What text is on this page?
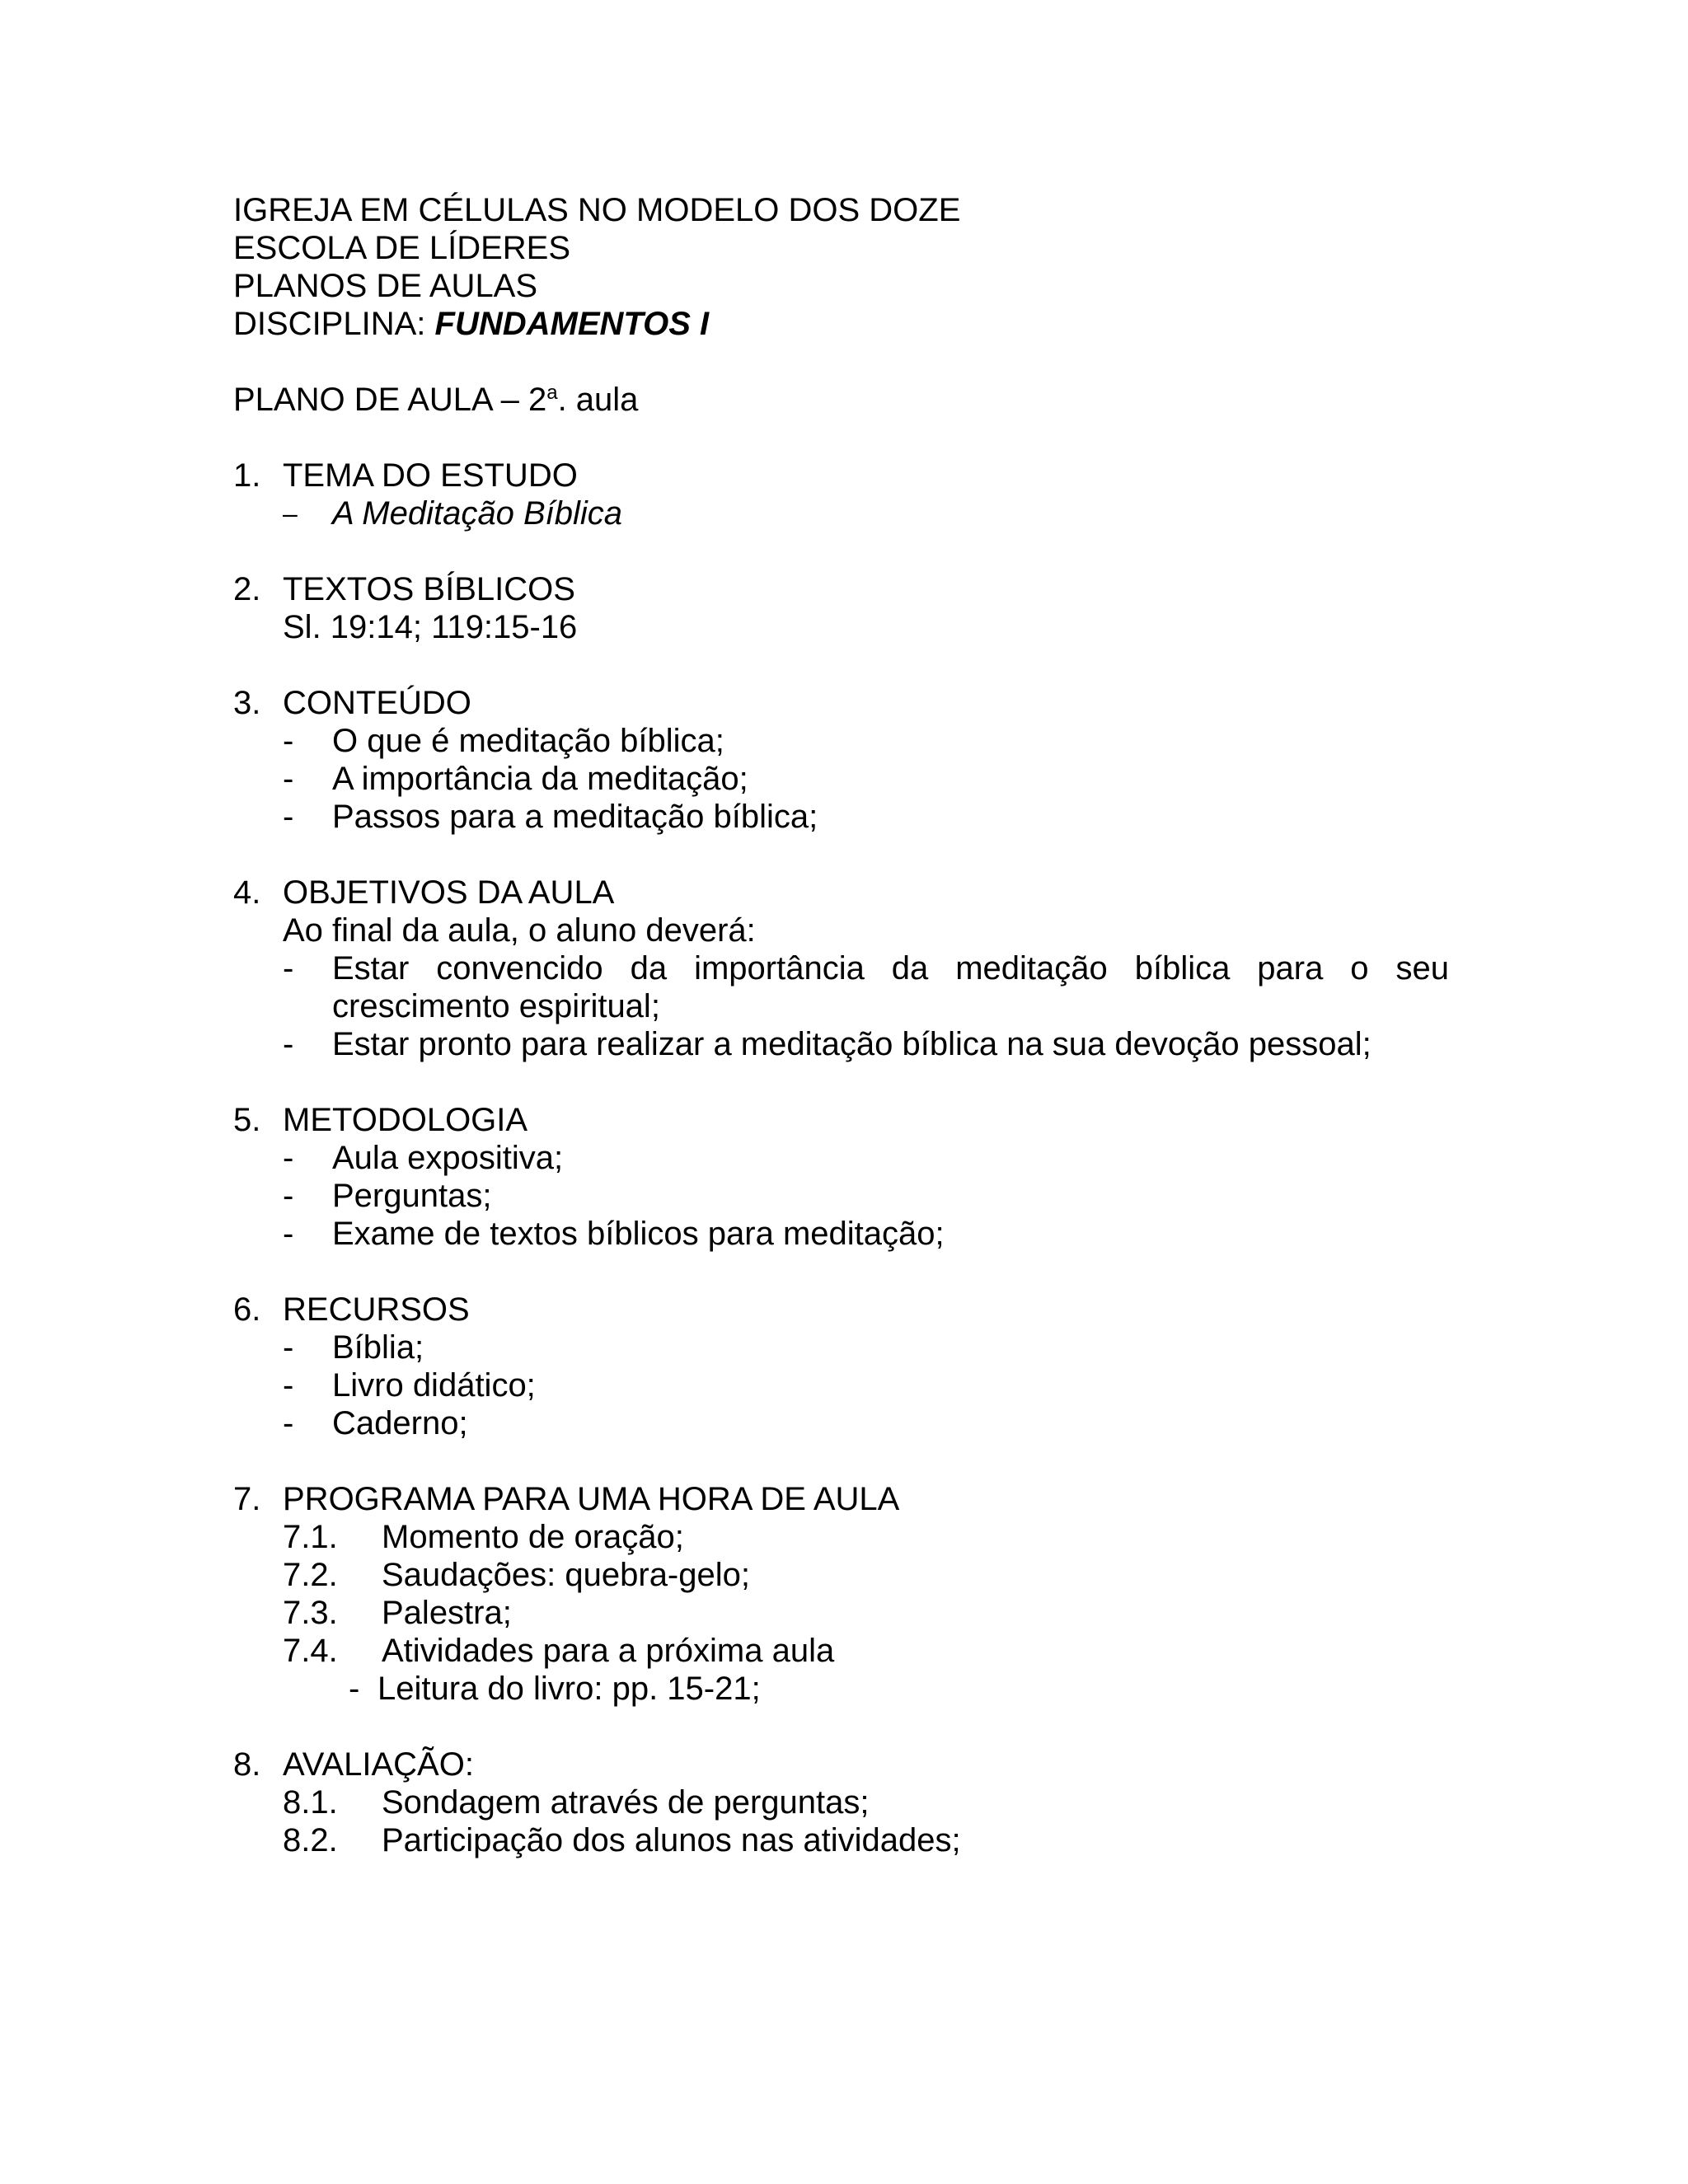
IGREJA EM CÉLULAS NO MODELO DOS DOZE
ESCOLA DE LÍDERES
PLANOS DE AULAS
DISCIPLINA: FUNDAMENTOS I
PLANO DE AULA – 2$^a$. aula
1. TEMA DO ESTUDO
– A Meditação Bíblica
2. TEXTOS BÍBLICOS
Sl. 19:14; 119:15-16
3. CONTEÚDO
- O que é meditação bíblica;
- A importância da meditação;
- Passos para a meditação bíblica;
4. OBJETIVOS DA AULA
Ao final da aula, o aluno deverá:
- Estar convencido da importância da meditação bíblica para o seu crescimento espiritual;
- Estar pronto para realizar a meditação bíblica na sua devoção pessoal;
5. METODOLOGIA
- Aula expositiva;
- Perguntas;
- Exame de textos bíblicos para meditação;
6. RECURSOS
- Bíblia;
- Livro didático;
- Caderno;
7. PROGRAMA PARA UMA HORA DE AULA
7.1. Momento de oração;
7.2. Saudações: quebra-gelo;
7.3. Palestra;
7.4. Atividades para a próxima aula
- Leitura do livro: pp. 15-21;
8. AVALIAÇÃO:
8.1. Sondagem através de perguntas;
8.2. Participação dos alunos nas atividades;
